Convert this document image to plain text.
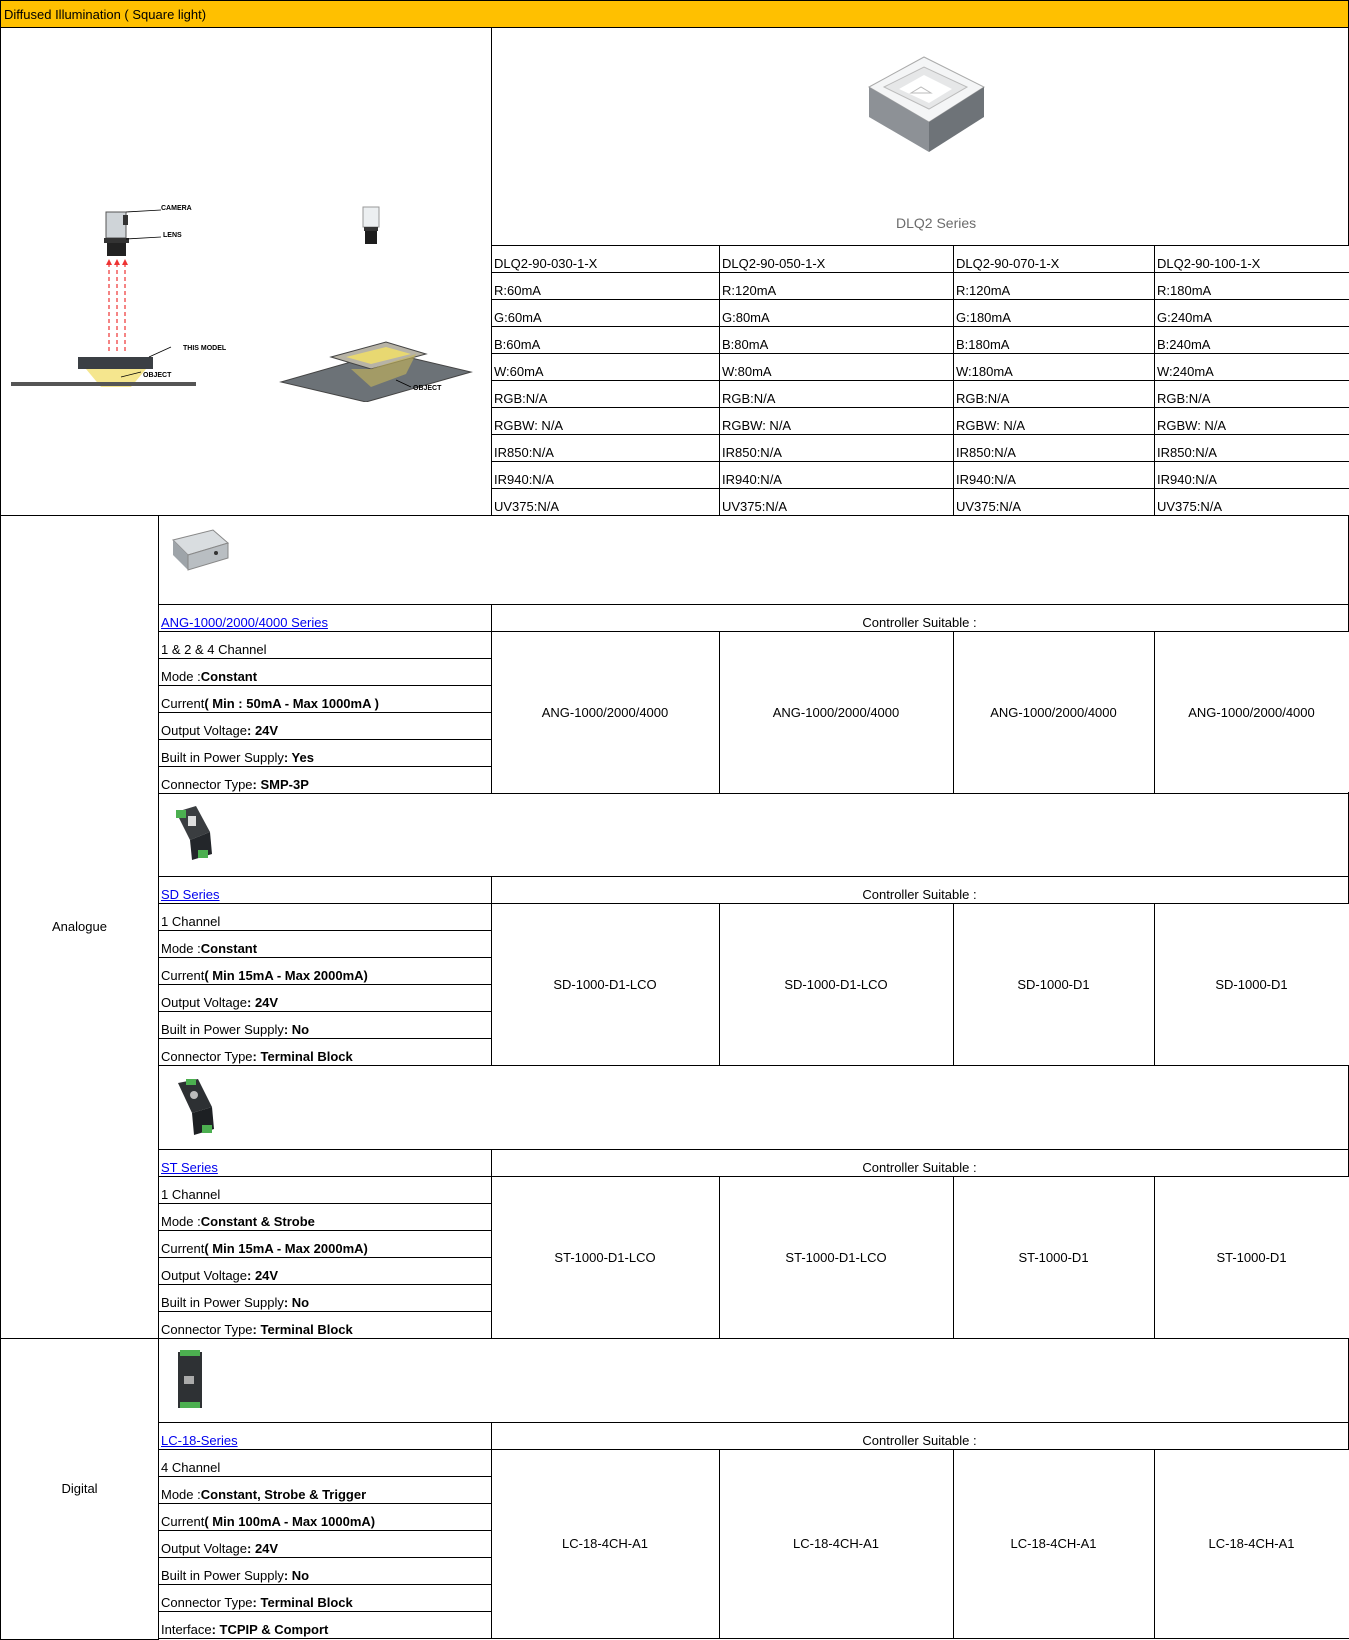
Diffused Illumination ( Square light)
CAMERA
LENS
THIS MODEL
OBJECT
OBJECT
DLQ2 Series
DLQ2-90-030-1-X	DLQ2-90-050-1-X	DLQ2-90-070-1-X	DLQ2-90-100-1-X
R:60mA	R:120mA	R:120mA	R:180mA
G:60mA	G:80mA	G:180mA	G:240mA
B:60mA	B:80mA	B:180mA	B:240mA
W:60mA	W:80mA	W:180mA	W:240mA
RGB:N/A	RGB:N/A	RGB:N/A	RGB:N/A
RGBW: N/A	RGBW: N/A	RGBW: N/A	RGBW: N/A
IR850:N/A	IR850:N/A	IR850:N/A	IR850:N/A
IR940:N/A	IR940:N/A	IR940:N/A	IR940:N/A
UV375:N/A	UV375:N/A	UV375:N/A	UV375:N/A
Analogue
Digital
ANG-1000/2000/4000 Series	Controller Suitable :
1 & 2 & 4 Channel
Mode : Constant
Current ( Min : 50mA - Max 1000mA )
Output Voltage : 24V
Built in Power Supply : Yes
Connector Type : SMP-3P
ANG-1000/2000/4000	ANG-1000/2000/4000	ANG-1000/2000/4000	ANG-1000/2000/4000
SD Series	Controller Suitable :
1 Channel
Mode : Constant
Current ( Min 15mA - Max 2000mA)
Output Voltage : 24V
Built in Power Supply : No
Connector Type : Terminal Block
SD-1000-D1-LCO	SD-1000-D1-LCO	SD-1000-D1	SD-1000-D1
ST Series	Controller Suitable :
1 Channel
Mode : Constant & Strobe
Current ( Min 15mA - Max 2000mA)
Output Voltage : 24V
Built in Power Supply : No
Connector Type : Terminal Block
ST-1000-D1-LCO	ST-1000-D1-LCO	ST-1000-D1	ST-1000-D1
LC-18-Series	Controller Suitable :
4 Channel
Mode : Constant, Strobe & Trigger
Current ( Min 100mA - Max 1000mA)
Output Voltage : 24V
Built in Power Supply : No
Connector Type : Terminal Block
Interface : TCPIP & Comport
LC-18-4CH-A1	LC-18-4CH-A1	LC-18-4CH-A1	LC-18-4CH-A1
